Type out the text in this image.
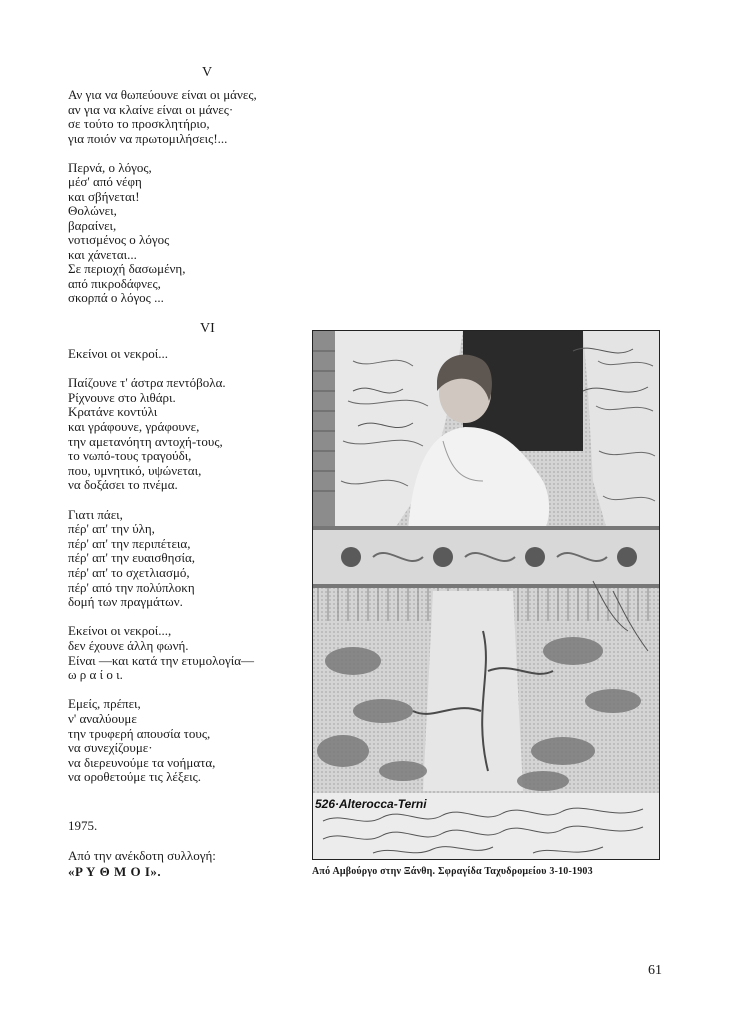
V
Αν για να θωπεύουνε είναι οι μάνες,
αν για να κλαίνε είναι οι μάνες·
σε τούτο το προσκλητήριο,
για ποιόν να πρωτομιλήσεις!...
Περνά, ο λόγος,
μέσ' από νέφη
και σβήνεται!
Θολώνει,
βαραίνει,
νοτισμένος ο λόγος
και χάνεται...
Σε περιοχή δασωμένη,
από πικροδάφνες,
σκορπά ο λόγος ...
VI
Εκείνοι οι νεκροί...
Παίζουνε τ' άστρα πεντόβολα.
Ρίχνουνε στο λιθάρι.
Κρατάνε κοντύλι
και γράφουνε, γράφουνε,
την αμετανόητη αντοχή-τους,
το νωπό-τους τραγούδι,
που, υμνητικό, υψώνεται,
να δοξάσει το πνέμα.
Γιατι πάει,
πέρ' απ' την ύλη,
πέρ' απ' την περιπέτεια,
πέρ' απ' την ευαισθησία,
πέρ' απ' το σχετλιασμό,
πέρ' από την πολύπλοκη
δομή των πραγμάτων.
Εκείνοι οι νεκροί...,
δεν έχουνε άλλη φωνή.
Είναι —και κατά την ετυμολογία—
ω ρ α ί ο ι.
Εμείς, πρέπει,
ν' αναλύουμε
την τρυφερή απουσία τους,
να συνεχίζουμε·
να διερευνούμε τα νοήματα,
να οροθετούμε τις λέξεις.
1975.
Από την ανέκδοτη συλλογή:
«Ρ Υ Θ Μ Ο Ι».
526·Alterocca-Terni
Από Αμβούργο στην Ξάνθη. Σφραγίδα Ταχυδρομείου 3-10-1903
61
